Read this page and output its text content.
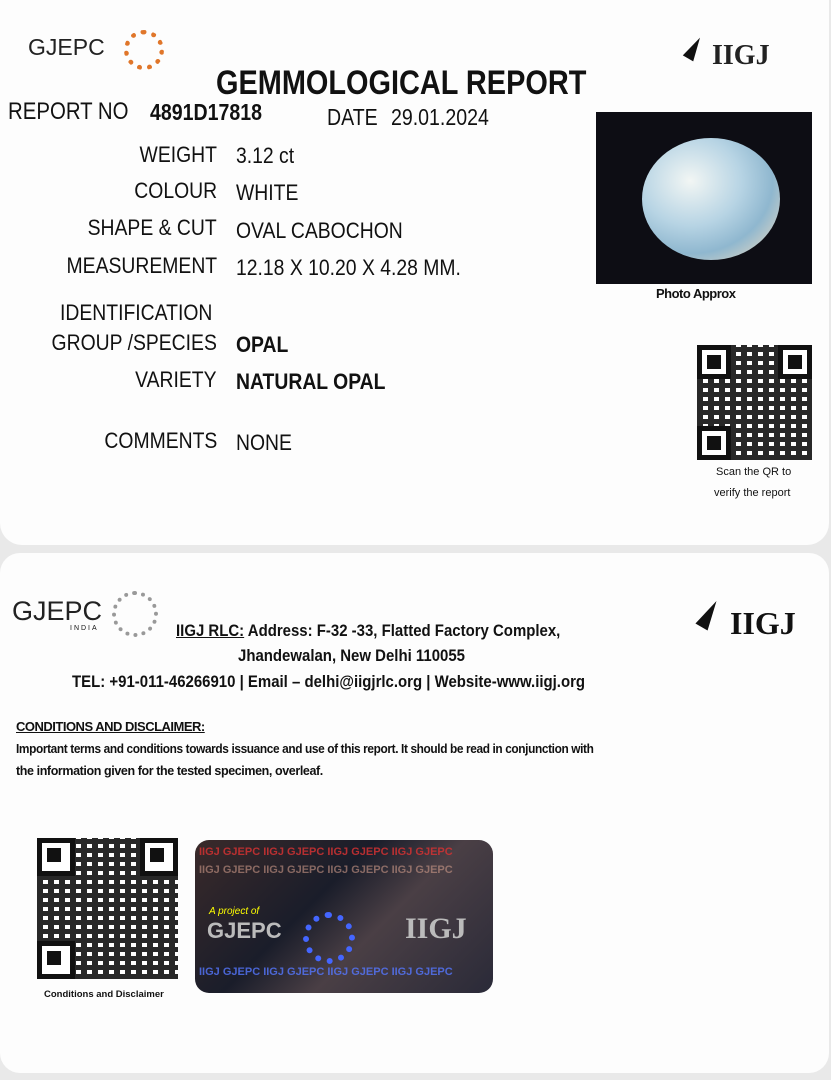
GJEPC	IIGJ
GEMMOLOGICAL REPORT
REPORT NO 4891D17818	DATE 29.01.2024
WEIGHT 3.12 ct
COLOUR WHITE
SHAPE & CUT OVAL CABOCHON
MEASUREMENT 12.18 X 10.20 X 4.28 MM.
IDENTIFICATION
GROUP /SPECIES OPAL
VARIETY NATURAL OPAL
COMMENTS NONE
Photo Approx
Scan the QR to
verify the report
GJEPC
INDIA	IIGJ
IIGJ RLC: Address: F-32 -33, Flatted Factory Complex,
Jhandewalan, New Delhi 110055
TEL: +91-011-46266910 | Email – delhi@iigjrlc.org | Website-www.iigj.org
CONDITIONS AND DISCLAIMER:
Important terms and conditions towards issuance and use of this report. It should be read in conjunction with
the information given for the tested specimen, overleaf.
Conditions and Disclaimer
IIGJ GJEPC IIGJ GJEPC IIGJ GJEPC IIGJ GJEPC
IIGJ GJEPC IIGJ GJEPC IIGJ GJEPC IIGJ GJEPC
IIGJ GJEPC IIGJ GJEPC IIGJ GJEPC IIGJ GJEPC
A project of
GJEPC	IIGJ
